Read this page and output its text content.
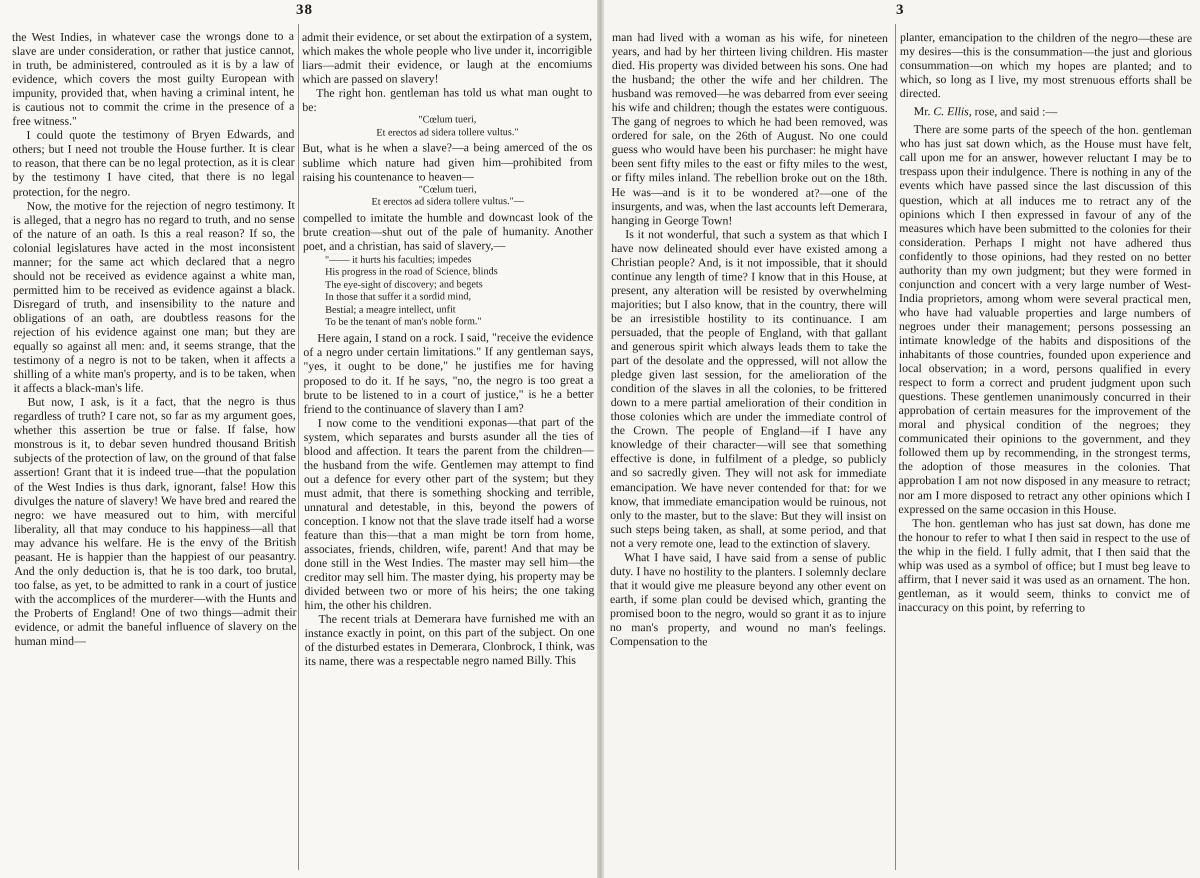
38

the West Indies, in whatever case the wrongs done to a slave are under consideration, or rather that justice cannot, in truth, be administered, controuled as it is by a law of evidence, which covers the most guilty European with impunity, provided that, when having a criminal intent, he is cautious not to commit the crime in the presence of a free witness."

I could quote the testimony of Bryen Edwards, and others; but I need not trouble the House further. It is clear to reason, that there can be no legal protection, as it is clear by the testimony I have cited, that there is no legal protection, for the negro.

Now, the motive for the rejection of negro testimony. It is alleged, that a negro has no regard to truth, and no sense of the nature of an oath. Is this a real reason? If so, the colonial legislatures have acted in the most inconsistent manner; for the same act which declared that a negro should not be received as evidence against a white man, permitted him to be received as evidence against a black. Disregard of truth, and insensibility to the nature and obligations of an oath, are doubtless reasons for the rejection of his evidence against one man; but they are equally so against all men: and, it seems strange, that the testimony of a negro is not to be taken, when it affects a shilling of a white man's property, and is to be taken, when it affects a black-man's life.

But now, I ask, is it a fact, that the negro is thus regardless of truth? I care not, so far as my argument goes, whether this assertion be true or false. If false, how monstrous is it, to debar seven hundred thousand British subjects of the protection of law, on the ground of that false assertion! Grant that it is indeed true—that the population of the West Indies is thus dark, ignorant, false! How this divulges the nature of slavery! We have bred and reared the negro: we have measured out to him, with merciful liberality, all that may conduce to his happiness—all that may advance his welfare. He is the envy of the British peasant. He is happier than the happiest of our peasantry. And the only deduction is, that he is too dark, too brutal, too false, as yet, to be admitted to rank in a court of justice with the accomplices of the murderer—with the Hunts and the Proberts of England! One of two things—admit their evidence, or admit the baneful influence of slavery on the human mind—

admit their evidence, or set about the extirpation of a system, which makes the whole people who live under it, incorrigible liars—admit their evidence, or laugh at the encomiums which are passed on slavery!

The right hon. gentleman has told us what man ought to be:

"Cœlum tueri,
Et erectos ad sidera tollere vultus."

But, what is he when a slave?—a being amerced of the os sublime which nature had given him—prohibited from raising his countenance to heaven—

"Cœlum tueri,
Et erectos ad sidera tollere vultus."—

compelled to imitate the humble and downcast look of the brute creation—shut out of the pale of humanity. Another poet, and a christian, has said of slavery,—

"—— it hurts his faculties; impedes
His progress in the road of Science, blinds
The eye-sight of discovery; and begets
In those that suffer it a sordid mind,
Bestial; a meagre intellect, unfit
To be the tenant of man's noble form."

Here again, I stand on a rock. I said, "receive the evidence of a negro under certain limitations." If any gentleman says, "yes, it ought to be done," he justifies me for having proposed to do it. If he says, "no, the negro is too great a brute to be listened to in a court of justice," is he a better friend to the continuance of slavery than I am?

I now come to the venditioni exponas—that part of the system, which separates and bursts asunder all the ties of blood and affection. It tears the parent from the children—the husband from the wife. Gentlemen may attempt to find out a defence for every other part of the system; but they must admit, that there is something shocking and terrible, unnatural and detestable, in this, beyond the powers of conception. I know not that the slave trade itself had a worse feature than this—that a man might be torn from home, associates, friends, children, wife, parent! And that may be done still in the West Indies. The master may sell him—the creditor may sell him. The master dying, his property may be divided between two or more of his heirs; the one taking him, the other his children.

The recent trials at Demerara have furnished me with an instance exactly in point, on this part of the subject. On one of the disturbed estates in Demerara, Clonbrock, I think, was its name, there was a respectable negro named Billy. This

3

man had lived with a woman as his wife, for nineteen years, and had by her thirteen living children. His master died. His property was divided between his sons. One had the husband; the other the wife and her children. The husband was removed—he was debarred from ever seeing his wife and children; though the estates were contiguous. The gang of negroes to which he had been removed, was ordered for sale, on the 26th of August. No one could guess who would have been his purchaser: he might have been sent fifty miles to the east or fifty miles to the west, or fifty miles inland. The rebellion broke out on the 18th. He was—and is it to be wondered at?—one of the insurgents, and was, when the last accounts left Demerara, hanging in George Town!

Is it not wonderful, that such a system as that which I have now delineated should ever have existed among a Christian people? And, is it not impossible, that it should continue any length of time? I know that in this House, at present, any alteration will be resisted by overwhelming majorities; but I also know, that in the country, there will be an irresistible hostility to its continuance. I am persuaded, that the people of England, with that gallant and generous spirit which always leads them to take the part of the desolate and the oppressed, will not allow the pledge given last session, for the amelioration of the condition of the slaves in all the colonies, to be frittered down to a mere partial amelioration of their condition in those colonies which are under the immediate control of the Crown. The people of England—if I have any knowledge of their character—will see that something effective is done, in fulfilment of a pledge, so publicly and so sacredly given. They will not ask for immediate emancipation. We have never contended for that: for we know, that immediate emancipation would be ruinous, not only to the master, but to the slave: But they will insist on such steps being taken, as shall, at some period, and that not a very remote one, lead to the extinction of slavery.

What I have said, I have said from a sense of public duty. I have no hostility to the planters. I solemnly declare that it would give me pleasure beyond any other event on earth, if some plan could be devised which, granting the promised boon to the negro, would so grant it as to injure no man's property, and wound no man's feelings. Compensation to the

planter, emancipation to the children of the negro—these are my desires—this is the consummation—the just and glorious consummation—on which my hopes are planted; and to which, so long as I live, my most strenuous efforts shall be directed.

Mr. C. Ellis, rose, and said :—

There are some parts of the speech of the hon. gentleman who has just sat down which, as the House must have felt, call upon me for an answer, however reluctant I may be to trespass upon their indulgence. There is nothing in any of the events which have passed since the last discussion of this question, which at all induces me to retract any of the opinions which I then expressed in favour of any of the measures which have been submitted to the colonies for their consideration. Perhaps I might not have adhered thus confidently to those opinions, had they rested on no better authority than my own judgment; but they were formed in conjunction and concert with a very large number of West-India proprietors, among whom were several practical men, who have had valuable properties and large numbers of negroes under their management; persons possessing an intimate knowledge of the habits and dispositions of the inhabitants of those countries, founded upon experience and local observation; in a word, persons qualified in every respect to form a correct and prudent judgment upon such questions. These gentlemen unanimously concurred in their approbation of certain measures for the improvement of the moral and physical condition of the negroes; they communicated their opinions to the government, and they followed them up by recommending, in the strongest terms, the adoption of those measures in the colonies. That approbation I am not now disposed in any measure to retract; nor am I more disposed to retract any other opinions which I expressed on the same occasion in this House.

The hon. gentleman who has just sat down, has done me the honour to refer to what I then said in respect to the use of the whip in the field. I fully admit, that I then said that the whip was used as a symbol of office; but I must beg leave to affirm, that I never said it was used as an ornament. The hon. gentleman, as it would seem, thinks to convict me of inaccuracy on this point, by referring to
